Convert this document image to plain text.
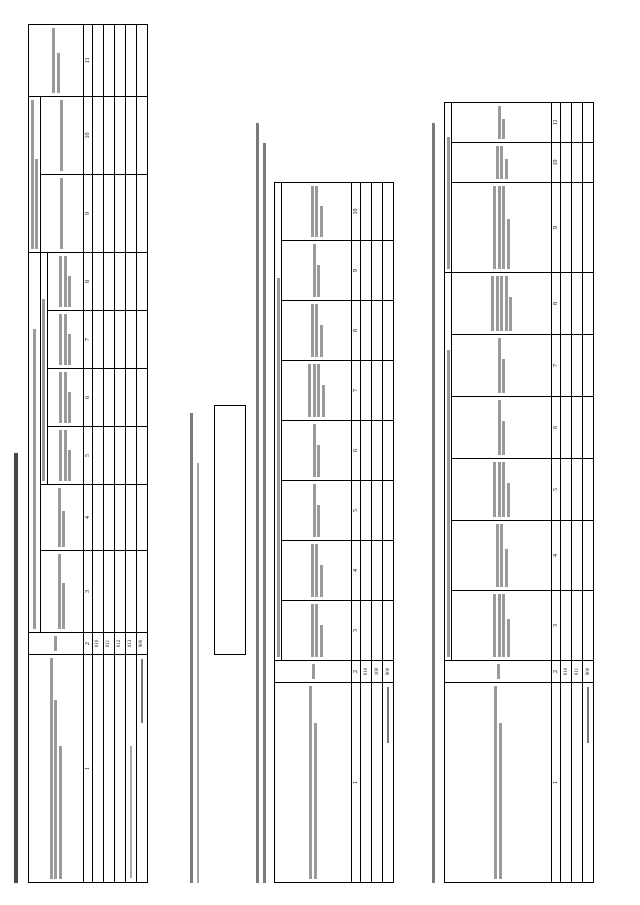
1	2	3	4	5	6	7	8	9	10	11
	010									
	011									
	012									

	013									

	900									

1	2	3	4	5	6	7	8	9	10
	010								
	100								

	900								

1	2	3	4	5	6	7	8	9	10	11
	010									
	011									

	900									
